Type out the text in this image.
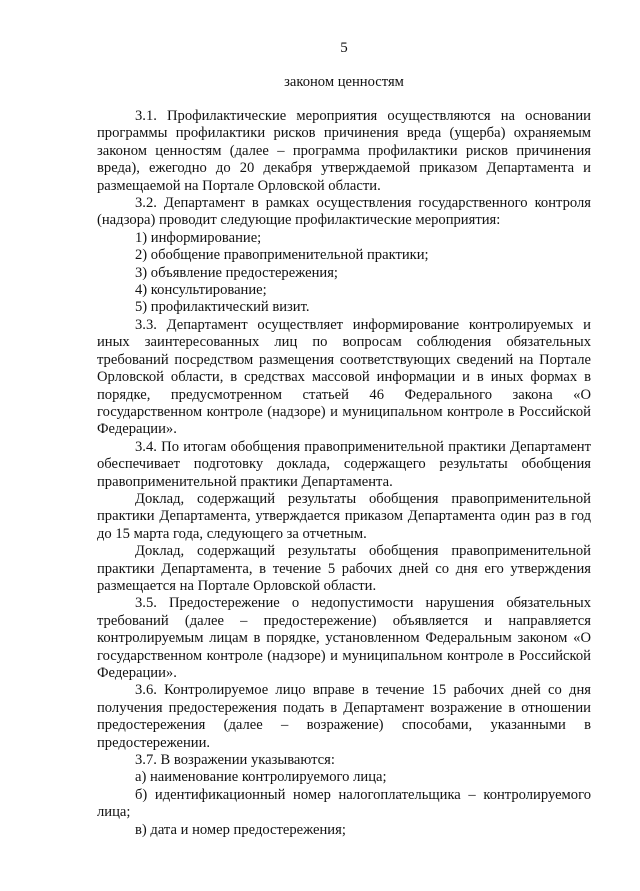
5
законом ценностям

3.1. Профилактические мероприятия осуществляются на основании программы профилактики рисков причинения вреда (ущерба) охраняемым законом ценностям (далее – программа профилактики рисков причинения вреда), ежегодно до 20 декабря утверждаемой приказом Департамента и размещаемой на Портале Орловской области.

3.2. Департамент в рамках осуществления государственного контроля (надзора) проводит следующие профилактические мероприятия:

1) информирование;

2) обобщение правоприменительной практики;

3) объявление предостережения;

4) консультирование;

5) профилактический визит.

3.3. Департамент осуществляет информирование контролируемых и иных заинтересованных лиц по вопросам соблюдения обязательных требований посредством размещения соответствующих сведений на Портале Орловской области, в средствах массовой информации и в иных формах в порядке, предусмотренном статьей 46 Федерального закона «О государственном контроле (надзоре) и муниципальном контроле в Российской Федерации».

3.4. По итогам обобщения правоприменительной практики Департамент обеспечивает подготовку доклада, содержащего результаты обобщения правоприменительной практики Департамента.

Доклад, содержащий результаты обобщения правоприменительной практики Департамента, утверждается приказом Департамента один раз в год до 15 марта года, следующего за отчетным.

Доклад, содержащий результаты обобщения правоприменительной практики Департамента, в течение 5 рабочих дней со дня его утверждения размещается на Портале Орловской области.

3.5. Предостережение о недопустимости нарушения обязательных требований (далее – предостережение) объявляется и направляется контролируемым лицам в порядке, установленном Федеральным законом «О государственном контроле (надзоре) и муниципальном контроле в Российской Федерации».

3.6. Контролируемое лицо вправе в течение 15 рабочих дней со дня получения предостережения подать в Департамент возражение в отношении предостережения (далее – возражение) способами, указанными в предостережении.

3.7. В возражении указываются:

а) наименование контролируемого лица;

б) идентификационный номер налогоплательщика – контролируемого лица;

в) дата и номер предостережения;
